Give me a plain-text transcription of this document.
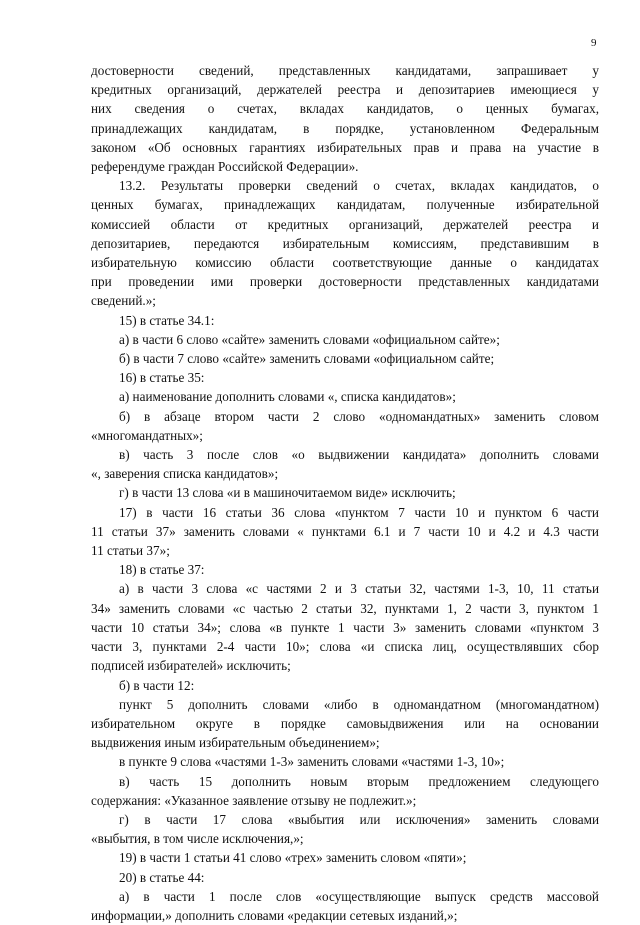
9

достоверности сведений, представленных кандидатами, запрашивает у

кредитных организаций, держателей реестра и депозитариев имеющиеся у

них сведения о счетах, вкладах кандидатов, о ценных бумагах,

принадлежащих кандидатам, в порядке, установленном Федеральным

законом «Об основных гарантиях избирательных прав и права на участие в

референдуме граждан Российской Федерации».

13.2. Результаты проверки сведений о счетах, вкладах кандидатов, о

ценных бумагах, принадлежащих кандидатам, полученные избирательной

комиссией области от кредитных организаций, держателей реестра и

депозитариев, передаются избирательным комиссиям, представившим в

избирательную комиссию области соответствующие данные о кандидатах

при проведении ими проверки достоверности представленных кандидатами

сведений.»;

15) в статье 34.1:

а) в части 6 слово «сайте» заменить словами «официальном сайте»;

б) в части 7 слово «сайте» заменить словами «официальном сайте;

16) в статье 35:

а) наименование дополнить словами «, списка кандидатов»;

б) в абзаце втором части 2 слово «одномандатных» заменить словом

«многомандатных»;

в) часть 3 после слов «о выдвижении кандидата» дополнить словами

«, заверения списка кандидатов»;

г) в части 13 слова «и в машиночитаемом виде» исключить;

17) в части 16 статьи 36 слова «пунктом 7 части 10 и пунктом 6 части

11 статьи 37» заменить словами « пунктами 6.1 и 7 части 10 и 4.2 и 4.3 части

11 статьи 37»;

18) в статье 37:

а) в части 3 слова «с частями 2 и 3 статьи 32, частями 1-3, 10, 11 статьи

34» заменить словами «с частью 2 статьи 32, пунктами 1, 2 части 3, пунктом 1

части 10 статьи 34»; слова «в пункте 1 части 3» заменить словами «пунктом 3

части 3, пунктами 2-4 части 10»; слова «и списка лиц, осуществлявших сбор

подписей избирателей» исключить;

б) в части 12:

пункт 5 дополнить словами «либо в одномандатном (многомандатном)

избирательном округе в порядке самовыдвижения или на основании

выдвижения иным избирательным объединением»;

в пункте 9 слова «частями 1-3» заменить словами «частями 1-3, 10»;

в) часть 15 дополнить новым вторым предложением следующего

содержания: «Указанное заявление отзыву не подлежит.»;

г) в части 17 слова «выбытия или исключения» заменить словами

«выбытия, в том числе исключения,»;

19) в части 1 статьи 41 слово «трех» заменить словом «пяти»;

20) в статье 44:

а) в части 1 после слов «осуществляющие выпуск средств массовой

информации,» дополнить словами «редакции сетевых изданий,»;
